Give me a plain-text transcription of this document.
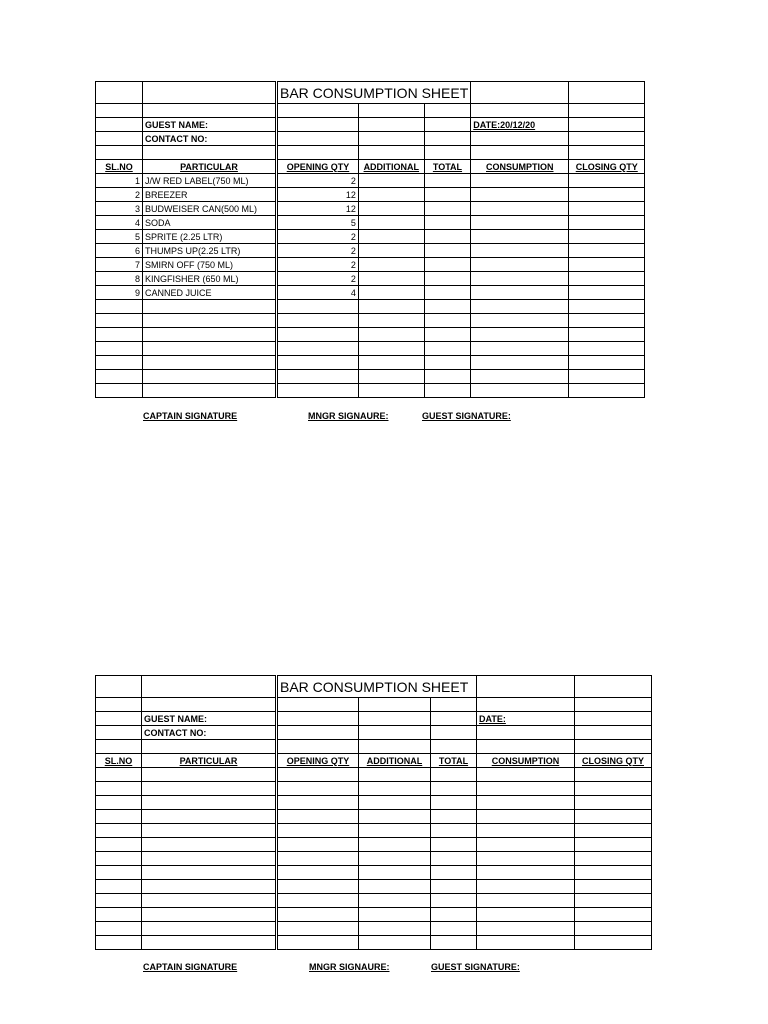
		BAR CONSUMPTION SHEET				

	GUEST NAME:				DATE:20/12/20	
	CONTACT NO:					

SL.NO	PARTICULAR	OPENING QTY	ADDITIONAL	TOTAL	CONSUMPTION	CLOSING QTY
1	J/W RED LABEL(750 ML)	2				
2	BREEZER	12				
3	BUDWEISER CAN(500 ML)	12				
4	SODA	5				
5	SPRITE (2.25 LTR)	2				
6	THUMPS UP(2.25 LTR)	2				
7	SMIRN OFF (750 ML)	2				
8	KINGFISHER (650 ML)	2				
9	CANNED JUICE	4				

CAPTAIN SIGNATURE	MNGR SIGNAURE:	GUEST SIGNATURE:
		BAR CONSUMPTION SHEET				

	GUEST NAME:				DATE:	
	CONTACT NO:					

SL.NO	PARTICULAR	OPENING QTY	ADDITIONAL	TOTAL	CONSUMPTION	CLOSING QTY

CAPTAIN SIGNATURE	MNGR SIGNAURE:	GUEST SIGNATURE:
